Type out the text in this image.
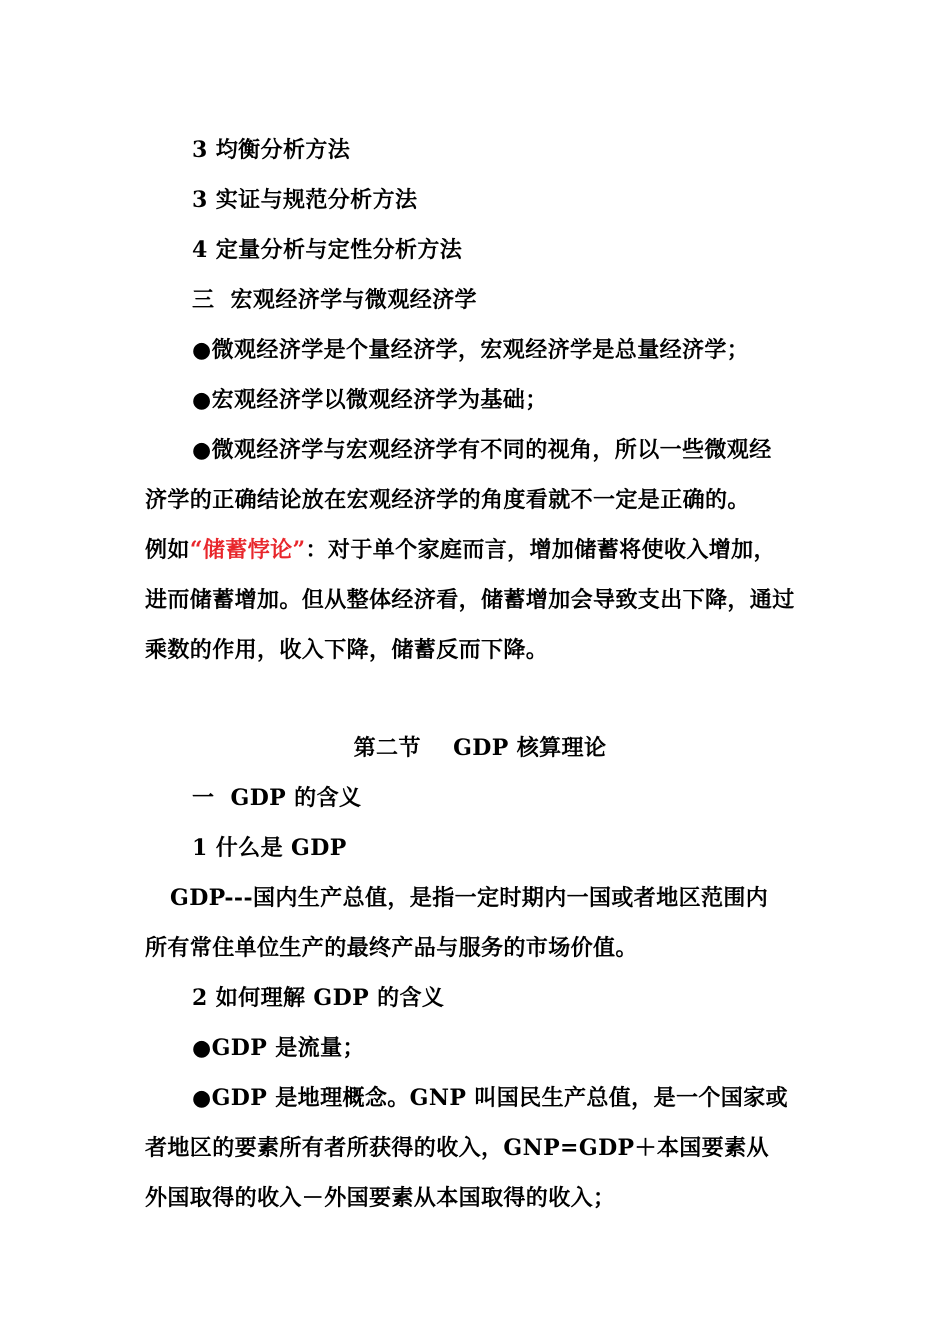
3 均衡分析方法
3 实证与规范分析方法
4 定量分析与定性分析方法
三  宏观经济学与微观经济学
●微观经济学是个量经济学，宏观经济学是总量经济学；
●宏观经济学以微观经济学为基础；
●微观经济学与宏观经济学有不同的视角，所以一些微观经
济学的正确结论放在宏观经济学的角度看就不一定是正确的。
例如“储蓄悖论”：对于单个家庭而言，增加储蓄将使收入增加，
进而储蓄增加。但从整体经济看，储蓄增加会导致支出下降，通过
乘数的作用，收入下降，储蓄反而下降。
第二节    GDP 核算理论
一  GDP 的含义
1 什么是 GDP
GDP---国内生产总值，是指一定时期内一国或者地区范围内
所有常住单位生产的最终产品与服务的市场价值。
2 如何理解 GDP 的含义
●GDP 是流量；
●GDP 是地理概念。GNP 叫国民生产总值，是一个国家或
者地区的要素所有者所获得的收入，GNP=GDP＋本国要素从
外国取得的收入－外国要素从本国取得的收入；
